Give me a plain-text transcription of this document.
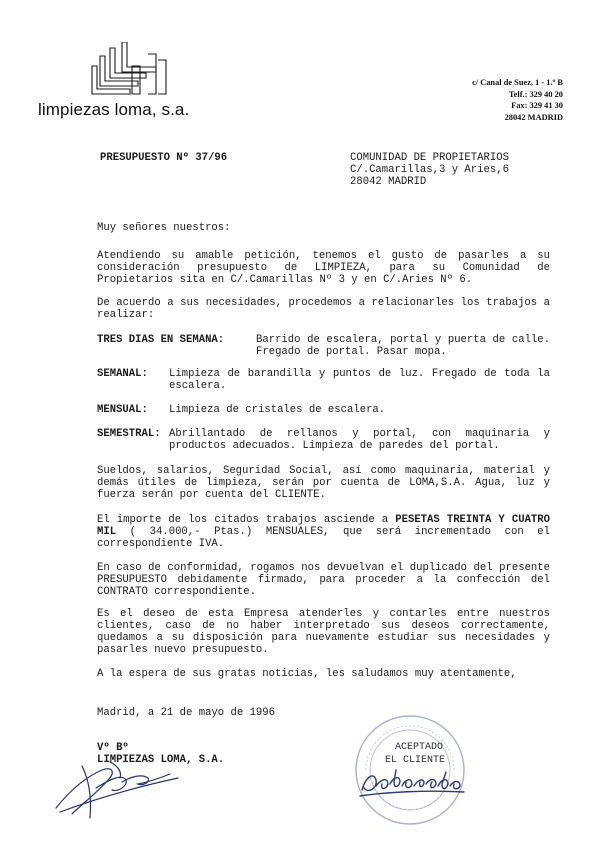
limpiezas loma, s.a.
c/ Canal de Suez, 1 - 1.º B
Telf.: 329 40 20
Fax: 329 41 30
28042 MADRID
PRESUPUESTO Nº 37/96	COMUNIDAD DE PROPIETARIOS
C/.Camarillas,3 y Aries,6
28042 MADRID
Muy señores nuestros:
Atendiendo su amable petición, tenemos el gusto de pasarles a su consideración presupuesto de LIMPIEZA, para su Comunidad de Propietarios sita en C/.Camarillas Nº 3 y en C/.Aries Nº 6.
De acuerdo a sus necesidades, procedemos a relacionarles los trabajos a realizar:
TRES DIAS EN SEMANA:	Barrido de escalera, portal y puerta de calle. Fregado de portal. Pasar mopa.
SEMANAL: Limpieza de barandilla y puntos de luz. Fregado de toda la escalera.
MENSUAL: Limpieza de cristales de escalera.
SEMESTRAL: Abrillantado de rellanos y portal, con maquinaria y productos adecuados. Limpieza de paredes del portal.
Sueldos, salarios, Seguridad Social, así como maquinaria, material y demás útiles de limpieza, serán por cuenta de LOMA,S.A. Agua, luz y fuerza serán por cuenta del CLIENTE.
El importe de los citados trabajos asciende a PESETAS TREINTA Y CUATRO MIL ( 34.000,- Ptas.) MENSUALES, que será incrementado con el correspondiente IVA.
En caso de conformidad, rogamos nos devuelvan el duplicado del presente PRESUPUESTO debidamente firmado, para proceder a la confección del CONTRATO correspondiente.
Es el deseo de esta Empresa atenderles y contarles entre nuestros clientes, caso de no haber interpretado sus deseos correctamente, quedamos a su disposición para nuevamente estudiar sus necesidades y pasarles nuevo presupuesto.
A la espera de sus gratas noticias, les saludamos muy atentamente,
Madrid, a 21 de mayo de 1996
Vº Bº
LIMPIEZAS LOMA, S.A.
ACEPTADO
EL CLIENTE
